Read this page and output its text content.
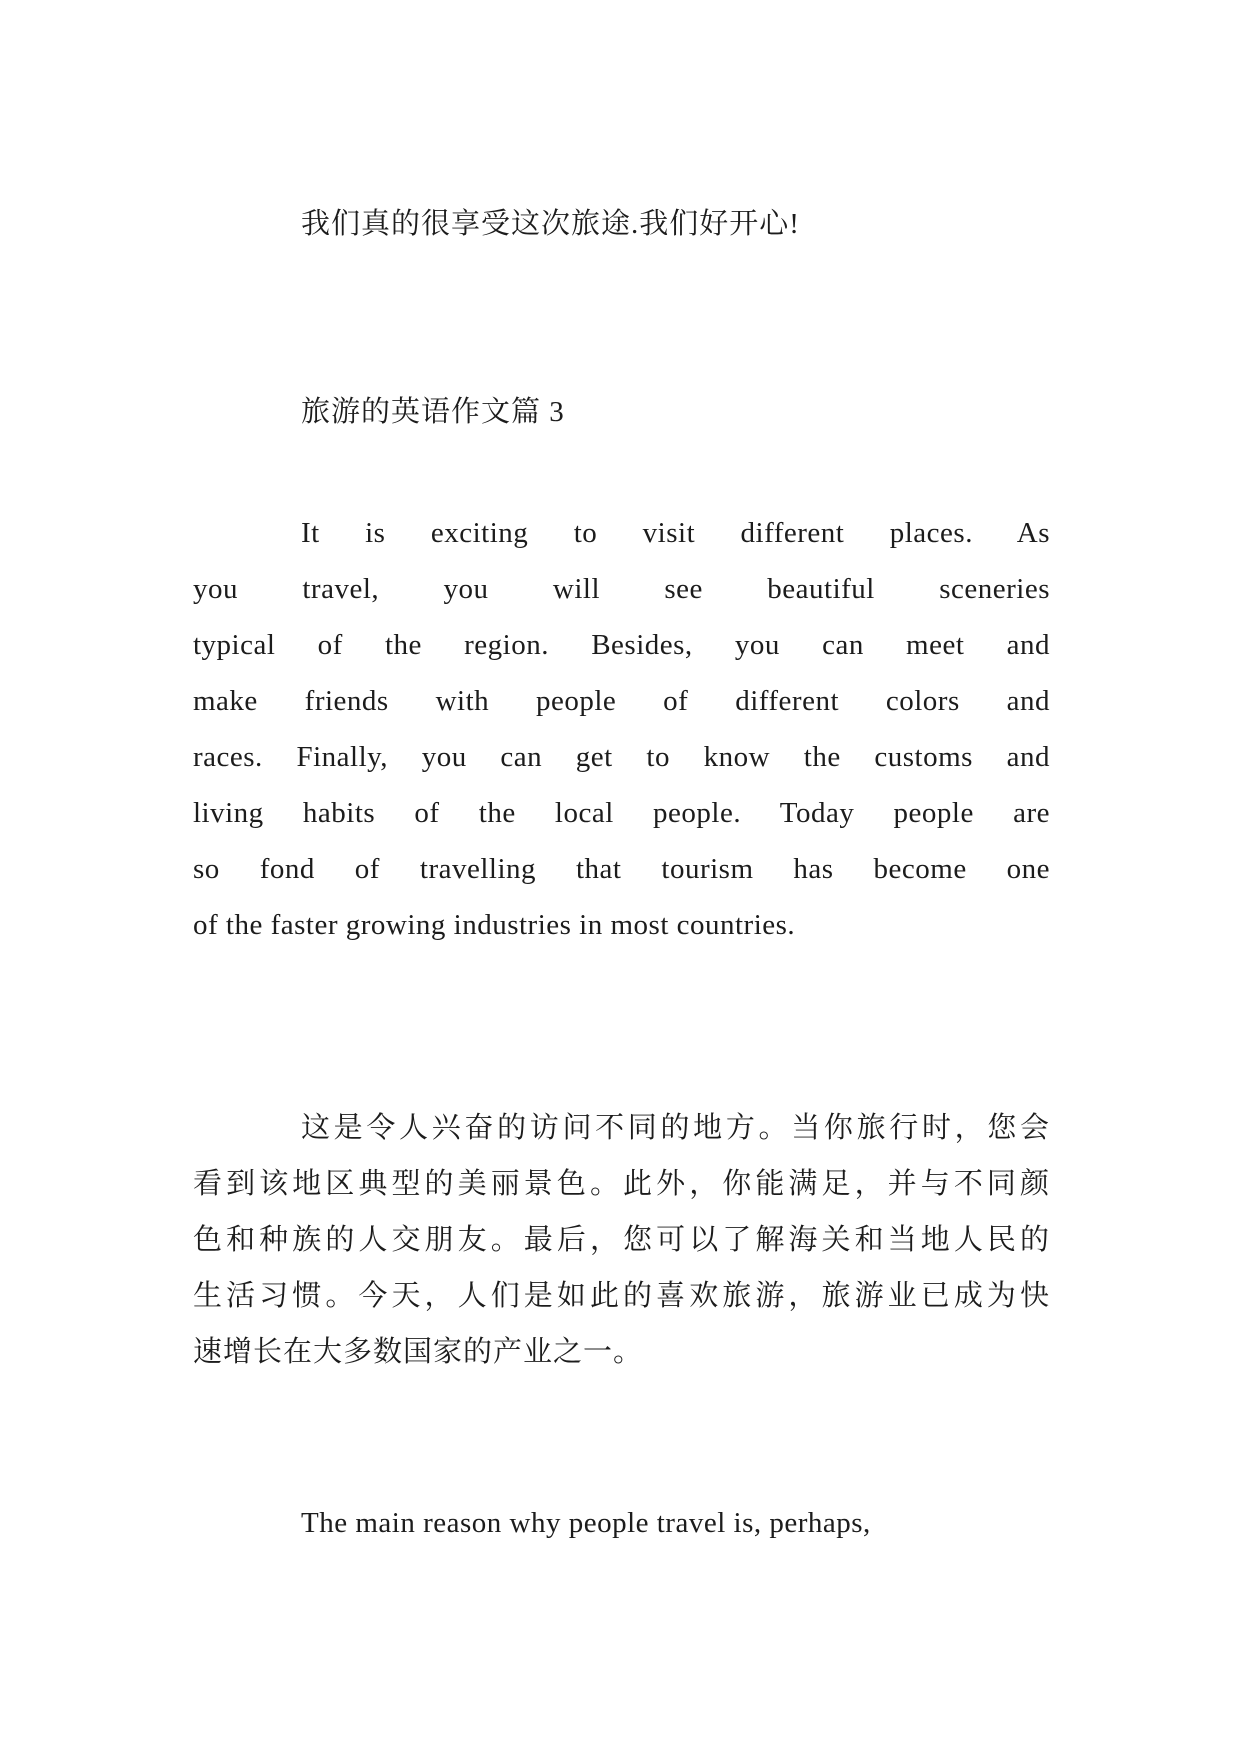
我们真的很享受这次旅途.我们好开心!
旅游的英语作文篇 3
It is exciting to visit different places. As
you travel, you will see beautiful sceneries
typical of the region. Besides, you can meet and
make friends with people of different colors and
races. Finally, you can get to know the customs and
living habits of the local people. Today people are
so fond of travelling that tourism has become one
of the faster growing industries in most countries.
这是令人兴奋的访问不同的地方。当你旅行时，您会
看到该地区典型的美丽景色。此外，你能满足，并与不同颜
色和种族的人交朋友。最后，您可以了解海关和当地人民的
生活习惯。今天，人们是如此的喜欢旅游，旅游业已成为快
速增长在大多数国家的产业之一。
The main reason why people travel is, perhaps,
